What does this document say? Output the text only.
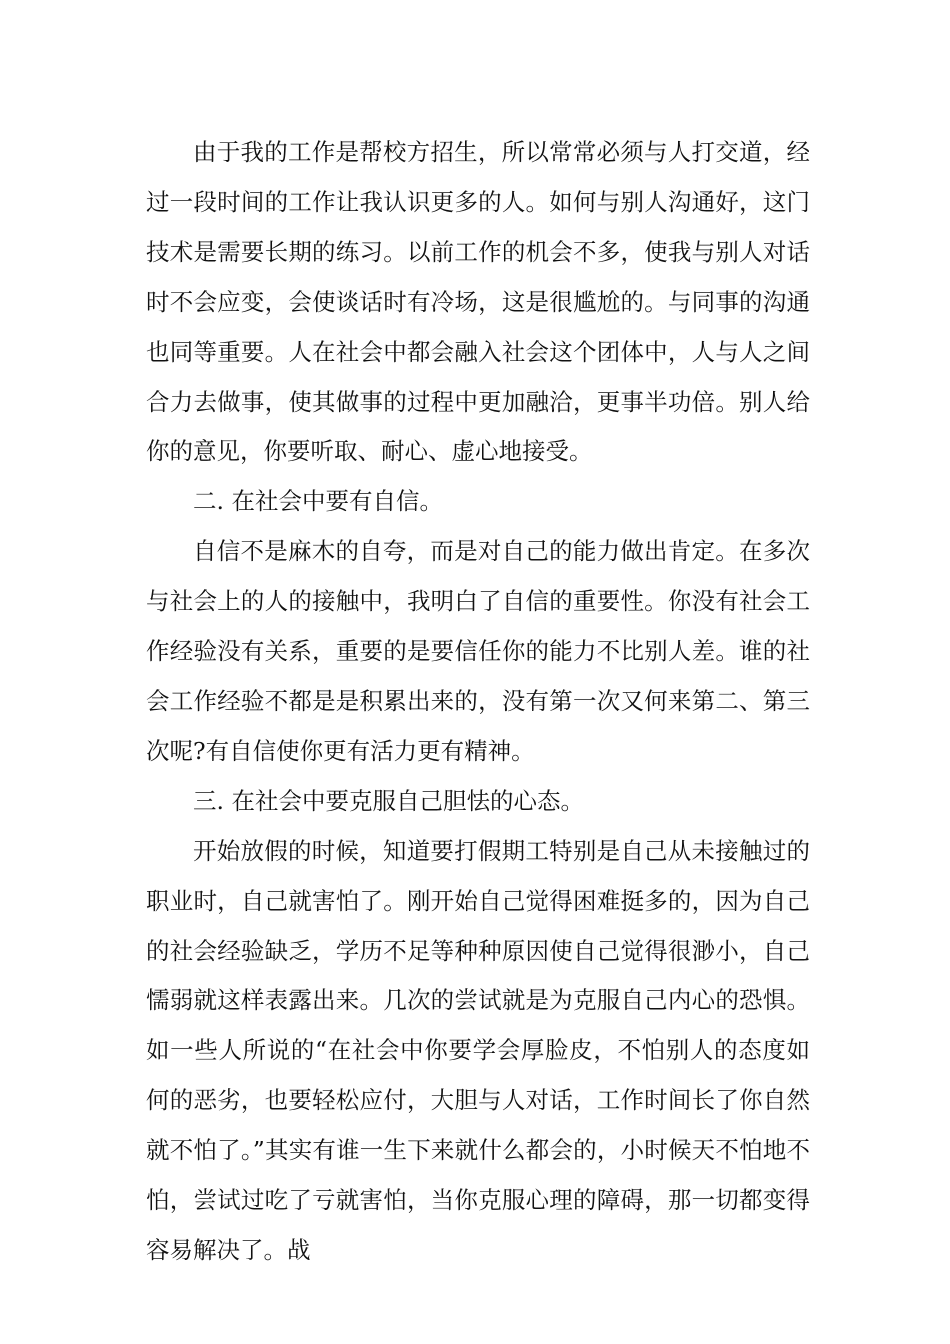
由于我的工作是帮校方招生，所以常常必须与人打交道，经过一段时间的工作让我认识更多的人。如何与别人沟通好，这门技术是需要长期的练习。以前工作的机会不多，使我与别人对话时不会应变，会使谈话时有冷场，这是很尴尬的。与同事的沟通也同等重要。人在社会中都会融入社会这个团体中，人与人之间合力去做事，使其做事的过程中更加融洽，更事半功倍。别人给你的意见，你要听取、耐心、虚心地接受。

二. 在社会中要有自信。

自信不是麻木的自夸，而是对自己的能力做出肯定。在多次与社会上的人的接触中，我明白了自信的重要性。你没有社会工作经验没有关系，重要的是要信任你的能力不比别人差。谁的社会工作经验不都是是积累出来的，没有第一次又何来第二、第三次呢?有自信使你更有活力更有精神。

三. 在社会中要克服自己胆怯的心态。

开始放假的时候，知道要打假期工特别是自己从未接触过的职业时，自己就害怕了。刚开始自己觉得困难挺多的，因为自己的社会经验缺乏，学历不足等种种原因使自己觉得很渺小，自己懦弱就这样表露出来。几次的尝试就是为克服自己内心的恐惧。如一些人所说的“在社会中你要学会厚脸皮，不怕别人的态度如何的恶劣，也要轻松应付，大胆与人对话，工作时间长了你自然就不怕了。”其实有谁一生下来就什么都会的，小时候天不怕地不怕，尝试过吃了亏就害怕，当你克服心理的障碍，那一切都变得容易解决了。战
